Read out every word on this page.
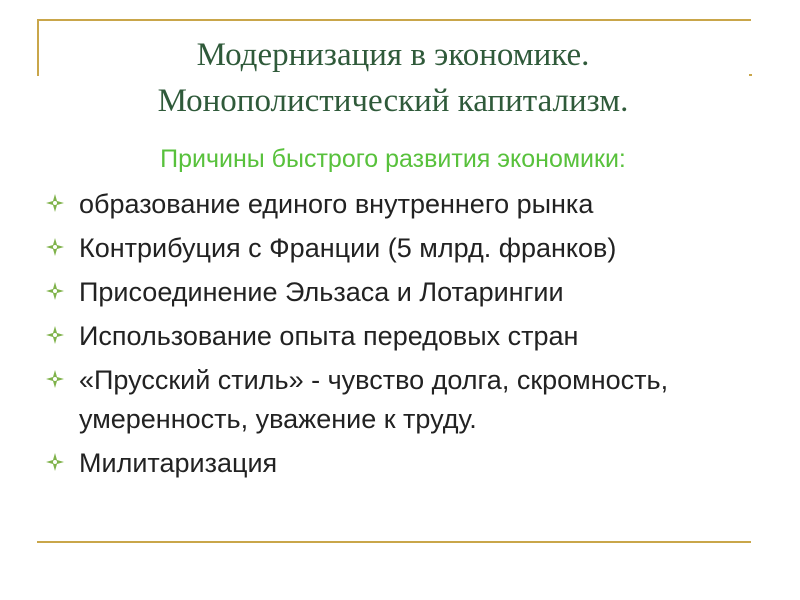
Модернизация в экономике.
Монополистический капитализм.
Причины быстрого развития экономики:
образование единого внутреннего рынка
Контрибуция с Франции (5 млрд. франков)
Присоединение Эльзаса и Лотарингии
Использование опыта передовых стран
«Прусский стиль» - чувство долга, скромность, умеренность, уважение к труду.
Милитаризация
